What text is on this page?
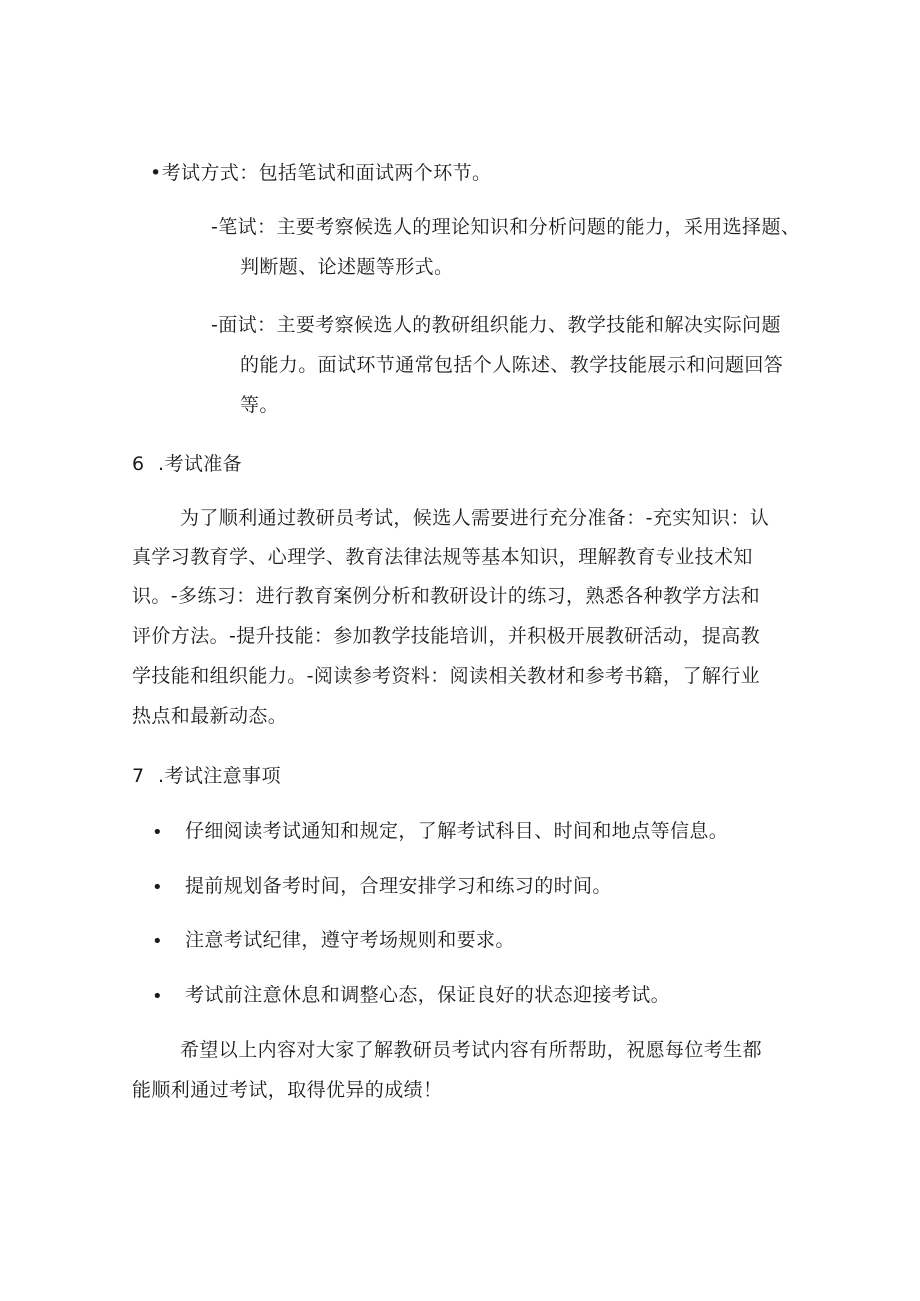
•考试方式：包括笔试和面试两个环节。
-笔试：主要考察候选人的理论知识和分析问题的能力，采用选择题、
判断题、论述题等形式。
-面试：主要考察候选人的教研组织能力、教学技能和解决实际问题
的能力。面试环节通常包括个人陈述、教学技能展示和问题回答
等。
6 .考试准备
为了顺利通过教研员考试，候选人需要进行充分准备：-充实知识：认
真学习教育学、心理学、教育法律法规等基本知识，理解教育专业技术知
识。-多练习：进行教育案例分析和教研设计的练习，熟悉各种教学方法和
评价方法。-提升技能：参加教学技能培训，并积极开展教研活动，提高教
学技能和组织能力。-阅读参考资料：阅读相关教材和参考书籍，了解行业
热点和最新动态。
7 .考试注意事项
• 仔细阅读考试通知和规定，了解考试科目、时间和地点等信息。
• 提前规划备考时间，合理安排学习和练习的时间。
• 注意考试纪律，遵守考场规则和要求。
• 考试前注意休息和调整心态，保证良好的状态迎接考试。
希望以上内容对大家了解教研员考试内容有所帮助，祝愿每位考生都
能顺利通过考试，取得优异的成绩！
